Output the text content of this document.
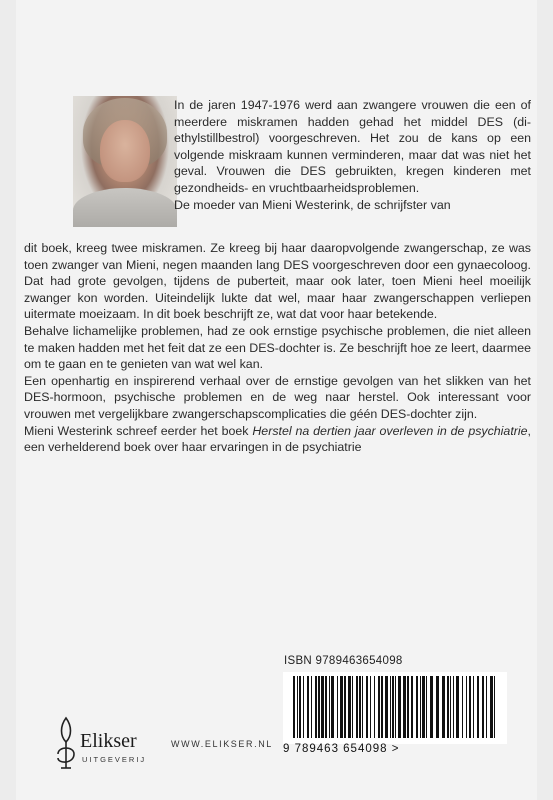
In de jaren 1947-1976 werd aan zwangere vrouwen die een of meerdere miskramen hadden gehad het middel DES (di-ethylstillbestrol) voorgeschreven. Het zou de kans op een volgende miskraam kunnen verminderen, maar dat was niet het geval. Vrouwen die DES gebruikten, kregen kinderen met gezondheids- en vruchtbaarheidsproblemen.

De moeder van Mieni Westerink, de schrijfster van

dit boek, kreeg twee miskramen. Ze kreeg bij haar daaropvolgende zwangerschap, ze was toen zwanger van Mieni, negen maanden lang DES voorgeschreven door een gynaecoloog. Dat had grote gevolgen, tijdens de puberteit, maar ook later, toen Mieni heel moeilijk zwanger kon worden. Uiteindelijk lukte dat wel, maar haar zwangerschappen verliepen uitermate moeizaam. In dit boek beschrijft ze, wat dat voor haar betekende.

Behalve lichamelijke problemen, had ze ook ernstige psychische problemen, die niet alleen te maken hadden met het feit dat ze een DES-dochter is. Ze beschrijft hoe ze leert, daarmee om te gaan en te genieten van wat wel kan.

Een openhartig en inspirerend verhaal over de ernstige gevolgen van het slikken van het DES-hormoon, psychische problemen en de weg naar herstel. Ook interessant voor vrouwen met vergelijkbare zwangerschapscomplicaties die géén DES-dochter zijn.

Mieni Westerink schreef eerder het boek Herstel na dertien jaar overleven in de psychiatrie, een verhelderend boek over haar ervaringen in de psychiatrie

ISBN 9789463654098
9 789463 654098 >
Elikser
UITGEVERIJ
WWW.ELIKSER.NL
